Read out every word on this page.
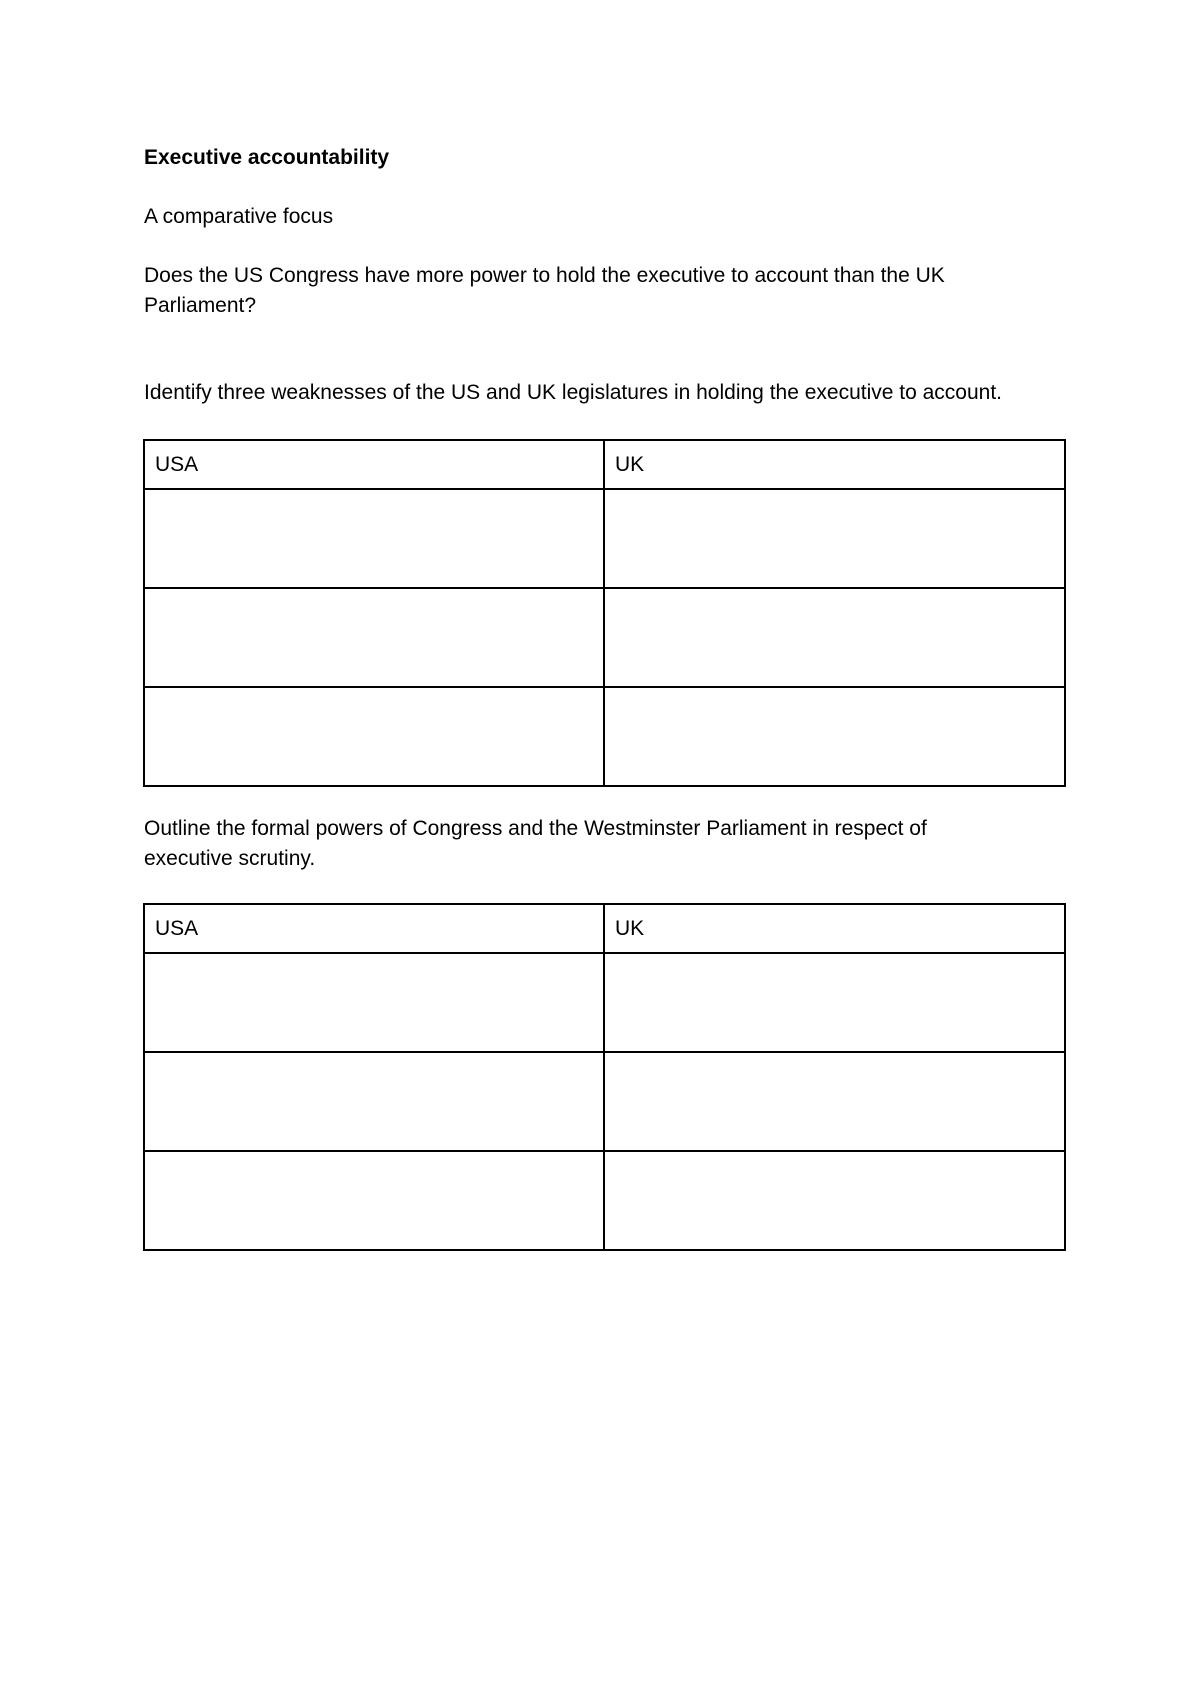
Executive accountability

A comparative focus

Does the US Congress have more power to hold the executive to account than the UK
Parliament?

Identify three weaknesses of the US and UK legislatures in holding the executive to account.

USA	UK

Outline the formal powers of Congress and the Westminster Parliament in respect of
executive scrutiny.
USA	UK
